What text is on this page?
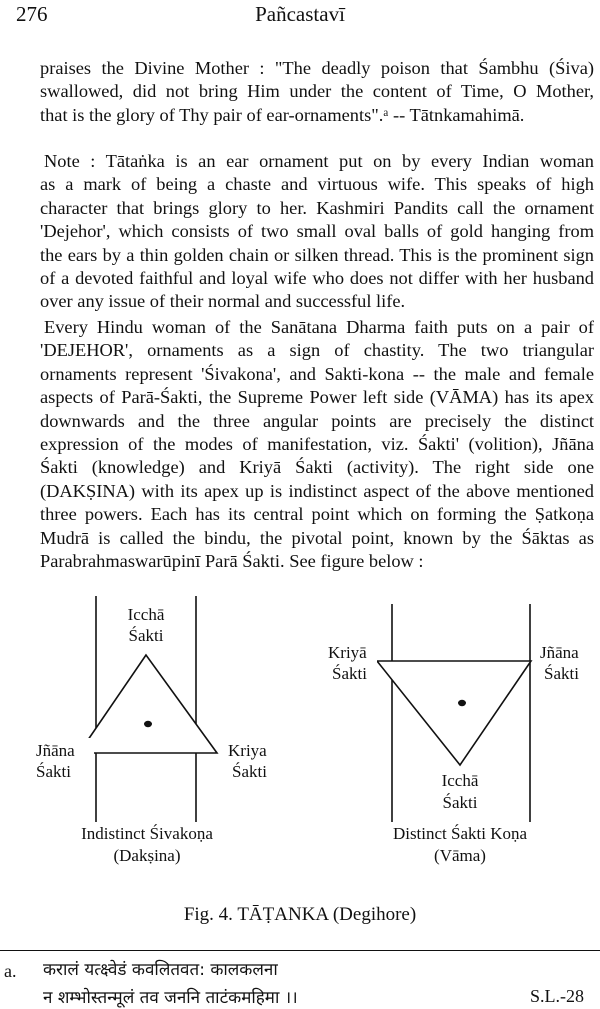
276	Pañcastavī
praises the Divine Mother : "The deadly poison that Śambhu (Śiva)
swallowed, did not bring Him under the content of Time, O Mother,
that is the glory of Thy pair of ear-ornaments".ᵃ -- Tātnkamahimā.
Note : Tātaṅka is an ear ornament put on by every Indian woman
as a mark of being a chaste and virtuous wife. This speaks of high
character that brings glory to her. Kashmiri Pandits call the ornament
'Dejehor', which consists of two small oval balls of gold hanging from
the ears by a thin golden chain or silken thread. This is the prominent sign
of a devoted faithful and loyal wife who does not differ with her husband
over any issue of their normal and successful life.
Every Hindu woman of the Sanātana Dharma faith puts on a pair of
'DEJEHOR', ornaments as a sign of chastity. The two triangular
ornaments represent 'Śivakona', and Sakti-kona -- the male and female
aspects of Parā-Śakti, the Supreme Power left side (VĀMA) has its apex
downwards and the three angular points are precisely the distinct
expression of the modes of manifestation, viz. Śakti' (volition), Jñāna
Śakti (knowledge) and Kriyā Śakti (activity). The right side one
(DAKṢINA) with its apex up is indistinct aspect of the above mentioned
three powers. Each has its central point which on forming the Ṣatkoṇa
Mudrā is called the bindu, the pivotal point, known by the Śāktas as
Parabrahmaswarūpinī Parā Śakti. See figure below :
Icchā
Śakti
Jñāna
Śakti
Kriya
Śakti
Indistinct Śivakoṇa
(Dakṣina)
Kriyā
Śakti
Jñāna
Śakti
Icchā
Śakti
Distinct Śakti Koṇa
(Vāma)
Fig. 4. TĀṬANKA (Degihore)
a. करालं यत्क्ष्वेडं कवलितवत: कालकलना
न शम्भोस्तन्मूलं तव जननि ताटंकमहिमा ।।	S.L.-28
